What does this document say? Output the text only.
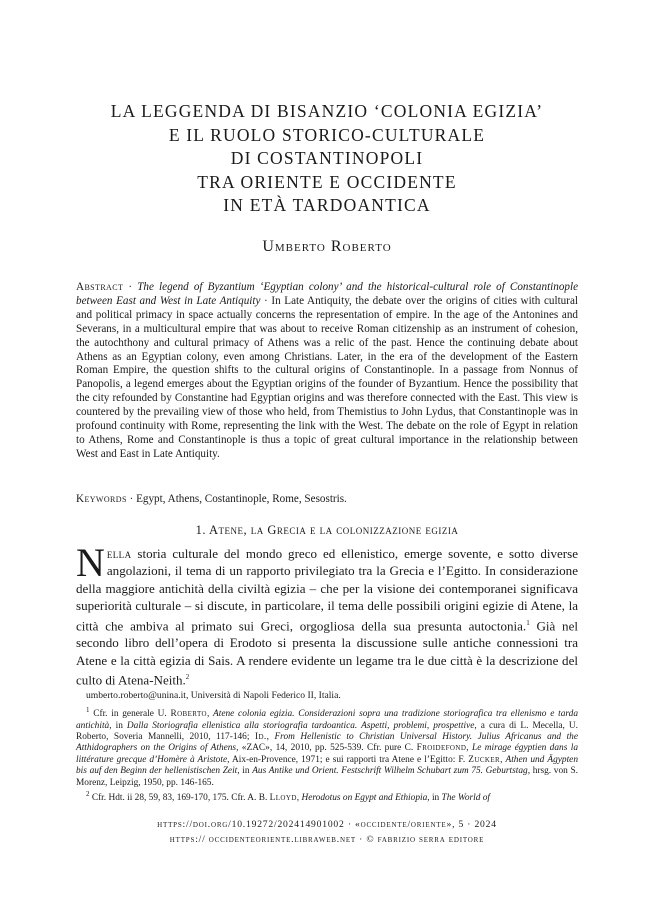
LA LEGGENDA DI BISANZIO ‘COLONIA EGIZIA’
E IL RUOLO STORICO-CULTURALE
DI COSTANTINOPOLI
TRA ORIENTE E OCCIDENTE
IN ETÀ TARDOANTICA
Umberto Roberto
Abstract · The legend of Byzantium ‘Egyptian colony’ and the historical-cultural role of Constantinople between East and West in Late Antiquity · In Late Antiquity, the debate over the origins of cities with cultural and political primacy in space actually concerns the representation of empire. In the age of the Antonines and Severans, in a multicultural empire that was about to receive Roman citizenship as an instrument of cohesion, the autochthony and cultural primacy of Athens was a relic of the past. Hence the continuing debate about Athens as an Egyptian colony, even among Christians. Later, in the era of the development of the Eastern Roman Empire, the question shifts to the cultural origins of Constantinople. In a passage from Nonnus of Panopolis, a legend emerges about the Egyptian origins of the founder of Byzantium. Hence the possibility that the city refounded by Constantine had Egyptian origins and was therefore connected with the East. This view is countered by the prevailing view of those who held, from Themistius to John Lydus, that Constantinople was in profound continuity with Rome, representing the link with the West. The debate on the role of Egypt in relation to Athens, Rome and Constantinople is thus a topic of great cultural importance in the relationship between West and East in Late Antiquity.
Keywords · Egypt, Athens, Costantinople, Rome, Sesostris.
1. Atene, la Grecia e la colonizzazione egizia
Nella storia culturale del mondo greco ed ellenistico, emerge sovente, e sotto diverse angolazioni, il tema di un rapporto privilegiato tra la Grecia e l’Egitto. In considerazione della maggiore antichità della civiltà egizia – che per la visione dei contemporanei significava superiorità culturale – si discute, in particolare, il tema delle possibili origini egizie di Atene, la città che ambiva al primato sui Greci, orgogliosa della sua presunta autoctonia.$^1$ Già nel secondo libro dell’opera di Erodoto si presenta la discussione sulle antiche connessioni tra Atene e la città egizia di Sais. A rendere evidente un legame tra le due città è la descrizione del culto di Atena-Neith.$^2$
umberto.roberto@unina.it, Università di Napoli Federico II, Italia.

$^1$ Cfr. in generale U. Roberto, Atene colonia egizia. Considerazioni sopra una tradizione storiografica tra ellenismo e tarda antichità, in Dalla Storiografia ellenistica alla storiografia tardoantica. Aspetti, problemi, prospettive, a cura di L. Mecella, U. Roberto, Soveria Mannelli, 2010, 117-146; Id., From Hellenistic to Christian Universal History. Julius Africanus and the Atthidographers on the Origins of Athens, «ZAC», 14, 2010, pp. 525-539. Cfr. pure C. Froidefond, Le mirage égyptien dans la littérature grecque d’Homère à Aristote, Aix-en-Provence, 1971; e sui rapporti tra Atene e l’Egitto: F. Zucker, Athen und Ägypten bis auf den Beginn der hellenistischen Zeit, in Aus Antike und Orient. Festschrift Wilhelm Schubart zum 75. Geburtstag, hrsg. von S. Morenz, Leipzig, 1950, pp. 146-165.

$^2$ Cfr. Hdt. ii 28, 59, 83, 169-170, 175. Cfr. A. B. Lloyd, Herodotus on Egypt and Ethiopia, in The World of

https://doi.org/10.19272/202414901002 · «occidente/oriente», 5 · 2024
https:// occidenteoriente.libraweb.net · © fabrizio serra editore
